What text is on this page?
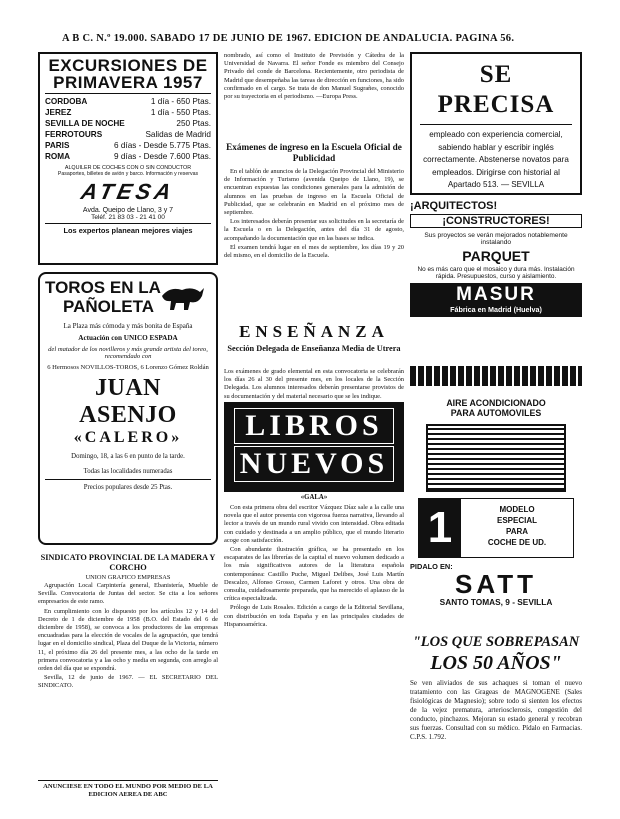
A B C. N.º 19.000. SABADO 17 DE JUNIO DE 1967. EDICION DE ANDALUCIA. PAGINA 56.
EXCURSIONES DE PRIMAVERA 1957
CORDOBA	1 día - 650 Ptas.
JEREZ	1 día - 550 Ptas.
SEVILLA DE NOCHE	250 Ptas.
FERROTOURS	Salidas de Madrid
PARIS	6 días - Desde 5.775 Ptas.
ROMA	9 días - Desde 7.600 Ptas.
ALQUILER DE COCHES CON O SIN CONDUCTOR
Pasaportes, billetes de avión y barco. Información y reservas
ATESA
Avda. Queipo de Llano, 3 y 7
Teléf. 21 83 03 - 21 41 00
Los expertos planean mejores viajes
TOROS EN LA
PAÑOLETA
La Plaza más cómoda y más bonita de España
Actuación con UNICO ESPADA
del matador de los novilleros y más grande artista del toreo, recomendado con
6 Hermosos NOVILLOS-TOROS, 6 Lorenzo Gómez Roldán
JUAN ASENJO
«CALERO»
Domingo, 18, a las 6 en punto de la tarde.
Todas las localidades numeradas
Precios populares desde 25 Ptas.
SINDICATO PROVINCIAL DE LA MADERA Y CORCHO
UNION GRAFICO EMPRESAS

Agrupación Local Carpintería general, Ebanistería, Mueble de Sevilla. Convocatoria de Juntas del sector. Se cita a los señores empresarios de este ramo.

En cumplimiento con lo dispuesto por los artículos 12 y 14 del Decreto de 1 de diciembre de 1958 (B.O. del Estado del 6 de diciembre de 1958), se convoca a los productores de las empresas encuadradas para la elección de vocales de la agrupación, que tendrá lugar en el domicilio sindical, Plaza del Duque de la Victoria, número 11, el próximo día 26 del presente mes, a las ocho de la tarde en primera convocatoria y a las ocho y media en segunda, con arreglo al orden del día que se expondrá.

Sevilla, 12 de junio de 1967. — EL SECRETARIO DEL SINDICATO.

ANUNCIESE EN TODO EL MUNDO POR MEDIO DE LA EDICION AEREA DE ABC
nombrado, así como el Instituto de Previsión y Cátedra de la Universidad de Navarra. El señor Fonde es miembro del Consejo Privado del conde de Barcelona. Recientemente, otro periodista de Madrid que desempeñaba las tareas de dirección en funciones, ha sido confirmado en el cargo. Se trata de don Manuel Sugrañes, conocido por su trayectoria en el periodismo. —Europa Press.
Exámenes de ingreso en la Escuela Oficial de Publicidad

En el tablón de anuncios de la Delegación Provincial del Ministerio de Información y Turismo (avenida Queipo de Llano, 19), se encuentran expuestas las condiciones generales para la admisión de alumnos en las pruebas de ingreso en la Escuela Oficial de Publicidad, que se celebrarán en Madrid en el próximo mes de septiembre.

Los interesados deberán presentar sus solicitudes en la secretaría de la Escuela o en la Delegación, antes del día 31 de agosto, acompañando la documentación que en las bases se indica.

El examen tendrá lugar en el mes de septiembre, los días 19 y 20 del mismo, en el domicilio de la Escuela.

ENSEÑANZA
Sección Delegada de Enseñanza Media de Utrera
Los exámenes de grado elemental en esta convocatoria se celebrarán los días 26 al 30 del presente mes, en los locales de la Sección Delegada. Los alumnos interesados deberán presentarse provistos de su documentación y del material necesario que se les indique.
LIBROS
NUEVOS
«GALA»

Con esta primera obra del escritor Vázquez Díaz sale a la calle una novela que el autor presenta con vigorosa fuerza narrativa, llevando al lector a través de un mundo rural vivido con intensidad. Obra editada con cuidado y destinada a un amplio público, que el mundo literario acoge con satisfacción.

Con abundante ilustración gráfica, se ha presentado en los escaparates de las librerías de la capital el nuevo volumen dedicado a los más significativos autores de la literatura española contemporánea: Castillo Puche, Miguel Delibes, José Luis Martín Descalzo, Alfonso Grosso, Carmen Laforet y otros. Una obra de consulta, cuidadosamente preparada, que ha merecido el aplauso de la crítica especializada.

Prólogo de Luis Rosales. Edición a cargo de la Editorial Sevillana, con distribución en toda España y en las principales ciudades de Hispanoamérica.

SE PRECISA
empleado con experiencia comercial, sabiendo hablar y escribir inglés correctamente. Abstenerse novatos para empleados. Dirigirse con historial al Apartado 513. — SEVILLA
¡ARQUITECTOS!
¡CONSTRUCTORES!
Sus proyectos se verán mejorados notablemente instalando
PARQUET
No es más caro que el mosaico y dura más. Instalación rápida. Presupuestos, curso y aislamiento.
MASUR
Fábrica en Madrid (Huelva)
AIRE ACONDICIONADO
PARA AUTOMOVILES
1	MODELO
ESPECIAL
PARA
COCHE DE UD.
PIDALO EN:
SATT
SANTO TOMAS, 9 - SEVILLA
"LOS QUE SOBREPASAN
LOS 50 AÑOS"
Se ven aliviados de sus achaques si toman el nuevo tratamiento con las Grageas de MAGNOGENE (Sales fisiológicas de Magnesio); sobre todo si sienten los efectos de la vejez prematura, arteriosclerosis, congestión del conducto, pinchazos. Mejoran su estado general y recobran sus fuerzas. Consultad con su médico. Pídalo en Farmacias. C.P.S. 1.792.
